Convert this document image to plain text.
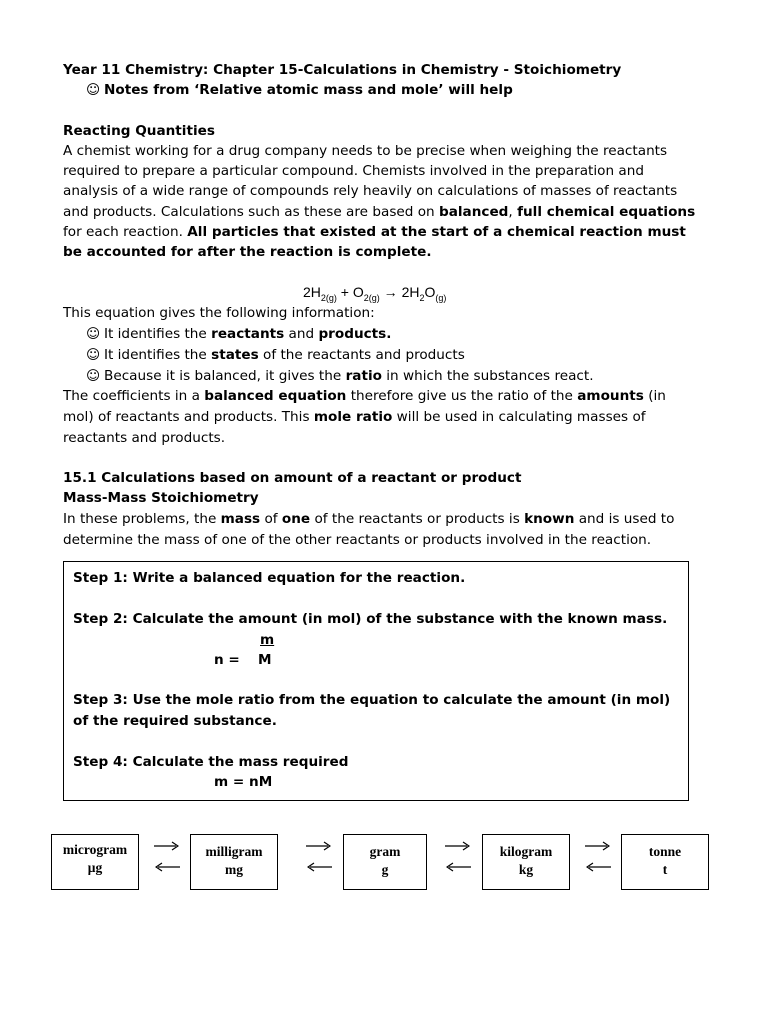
Year 11 Chemistry: Chapter 15-Calculations in Chemistry - Stoichiometry
☺ Notes from ‘Relative atomic mass and mole’ will help
Reacting Quantities
A chemist working for a drug company needs to be precise when weighing the reactants
required to prepare a particular compound. Chemists involved in the preparation and
analysis of a wide range of compounds rely heavily on calculations of masses of reactants
and products. Calculations such as these are based on balanced, full chemical equations
for each reaction. All particles that existed at the start of a chemical reaction must
be accounted for after the reaction is complete.
$2H_{2(g)} + O_{2(g)} \to 2H_2O_{(g)}$
This equation gives the following information:
☺ It identifies the reactants and products.
☺ It identifies the states of the reactants and products
☺ Because it is balanced, it gives the ratio in which the substances react.
The coefficients in a balanced equation therefore give us the ratio of the amounts (in
mol) of reactants and products. This mole ratio will be used in calculating masses of
reactants and products.
15.1 Calculations based on amount of a reactant or product
Mass-Mass Stoichiometry
In these problems, the mass of one of the reactants or products is known and is used to
determine the mass of one of the other reactants or products involved in the reaction.
Step 1: Write a balanced equation for the reaction.
Step 2: Calculate the amount (in mol) of the substance with the known mass.
m
n = M
Step 3: Use the mole ratio from the equation to calculate the amount (in mol)
of the required substance.
Step 4: Calculate the mass required
m = nM
microgram
μg
milligram
mg
gram
g
kilogram
kg
tonne
t
